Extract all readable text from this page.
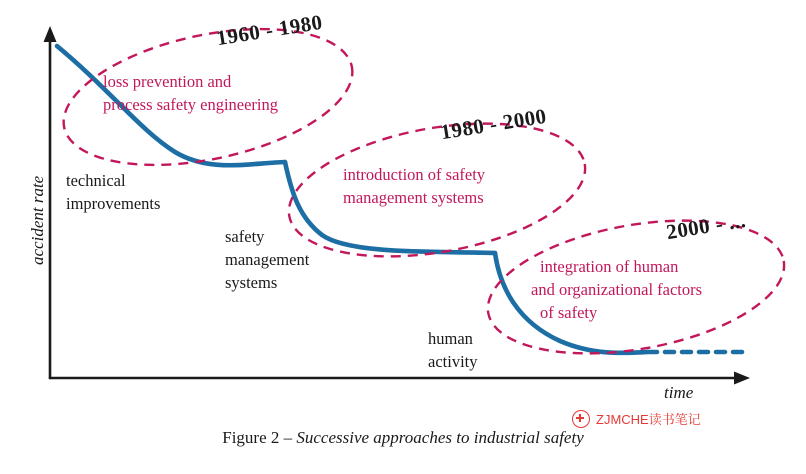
accident rate
time
1960 - 1980
1980 - 2000
2000 - ...
loss prevention and
process safety engineering
introduction of safety
management systems
integration of human
and organizational factors
of safety
technical
improvements
safety
management
systems
human
activity
Figure 2 – Successive approaches to industrial safety
ZJMCHE读书笔记
